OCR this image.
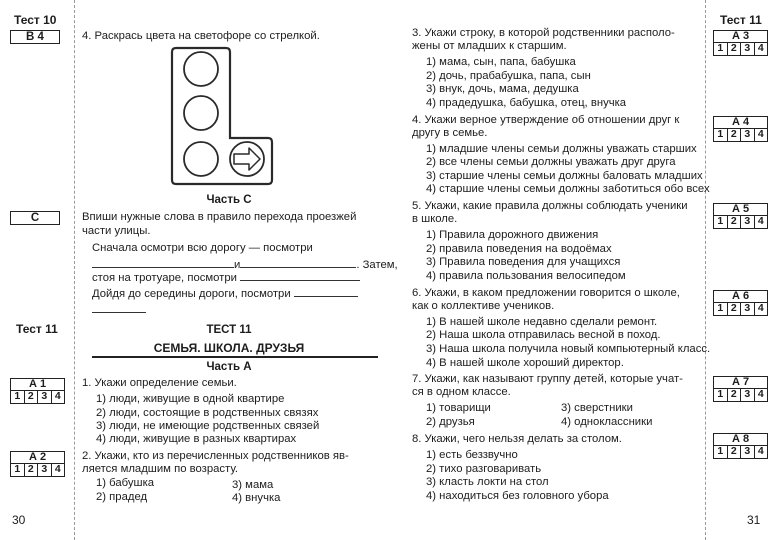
Тест 10
В 4
С
Тест 11
А 1
1 2 3 4
А 2
1 2 3 4
30
4. Раскрась цвета на светофоре со стрелкой.
Часть С
Впиши нужные слова в правило перехода проезжей
части улицы.
Сначала осмотри всю дорогу — посмотри
и	. Затем,
стоя на тротуаре, посмотри
Дойдя до середины дороги, посмотри
ТЕСТ 11
СЕМЬЯ. ШКОЛА. ДРУЗЬЯ
Часть А
1. Укажи определение семьи.
1) люди, живущие в одной квартире
2) люди, состоящие в родственных связях
3) люди, не имеющие родственных связей
4) люди, живущие в разных квартирах
2. Укажи, кто из перечисленных родственников яв-
ляется младшим по возрасту.
1) бабушка
2) прадед
3) мама
4) внучка
Тест 11
А 3
1 2 3 4
А 4
1 2 3 4
А 5
1 2 3 4
А 6
1 2 3 4
А 7
1 2 3 4
А 8
1 2 3 4
31
3. Укажи строку, в которой родственники располо-
жены от младших к старшим.
1) мама, сын, папа, бабушка
2) дочь, прабабушка, папа, сын
3) внук, дочь, мама, дедушка
4) прадедушка, бабушка, отец, внучка
4. Укажи верное утверждение об отношении друг к
другу в семье.
1) младшие члены семьи должны уважать старших
2) все члены семьи должны уважать друг друга
3) старшие члены семьи должны баловать младших
4) старшие члены семьи должны заботиться обо всех
5. Укажи, какие правила должны соблюдать ученики
в школе.
1) Правила дорожного движения
2) правила поведения на водоёмах
3) Правила поведения для учащихся
4) правила пользования велосипедом
6. Укажи, в каком предложении говорится о школе,
как о коллективе учеников.
1) В нашей школе недавно сделали ремонт.
2) Наша школа отправилась весной в поход.
3) Наша школа получила новый компьютерный класс.
4) В нашей школе хороший директор.
7. Укажи, как называют группу детей, которые учат-
ся в одном классе.
1) товарищи
2) друзья
3) сверстники
4) одноклассники
8. Укажи, чего нельзя делать за столом.
1) есть беззвучно
2) тихо разговаривать
3) класть локти на стол
4) находиться без головного убора
